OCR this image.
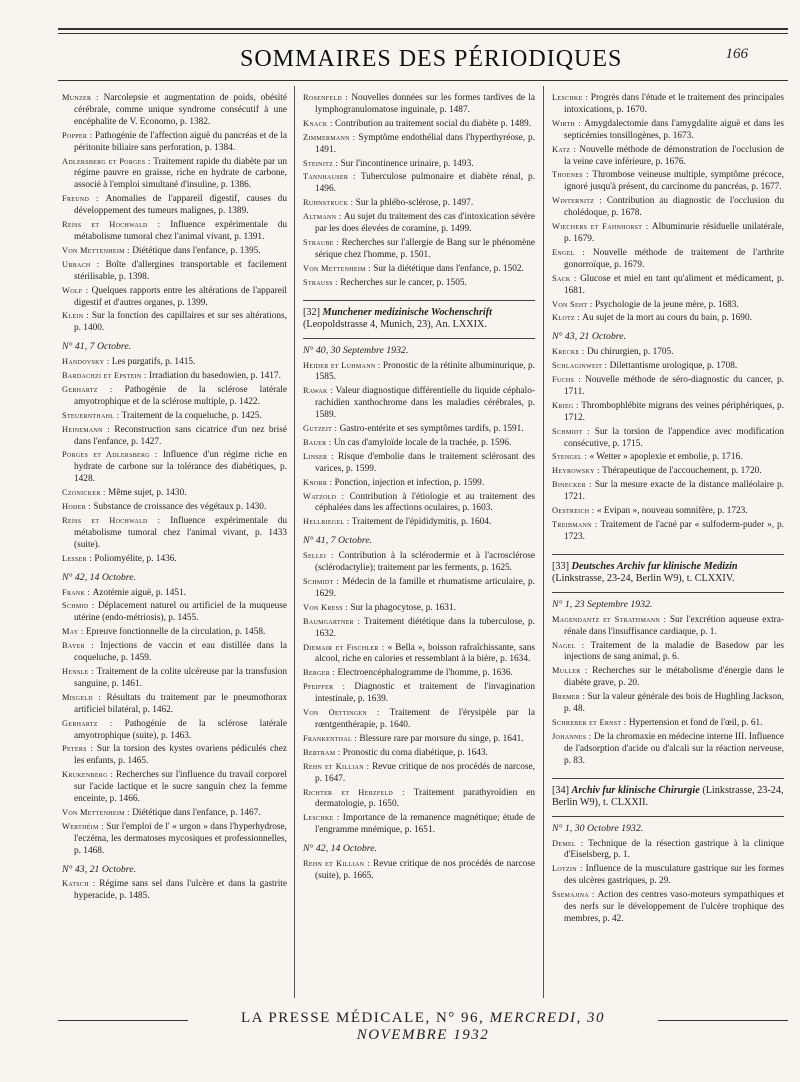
SOMMAIRES DES PÉRIODIQUES	166
Munzer : Narcolepsie et augmentation de poids, obésité cérébrale, comme unique syndrome consécutif à une encéphalite de V. Economo, p. 1382.
Popper : Pathogénie de l'affection aiguë du pancréas et de la péritonite biliaire sans perforation, p. 1384.
Adlersberg et Porges : Traitement rapide du diabète par un régime pauvre en graisse, riche en hydrate de carbone, associé à l'emploi simultané d'insuline, p. 1386.
Freund : Anomalies de l'appareil digestif, causes du développement des tumeurs malignes, p. 1389.
Reiss et Hochwald : Influence expérimentale du métabolisme tumoral chez l'animal vivant, p. 1391.
Von Mettenheim : Diététique dans l'enfance, p. 1395.
Urbach : Boîte d'allergines transportable et facilement stérilisable, p. 1398.
Wolf : Quelques rapports entre les altérations de l'appareil digestif et d'autres organes, p. 1399.
Klein : Sur la fonction des capillaires et sur ses altérations, p. 1400.
N° 41, 7 Octobre.
Handovsky : Les purgatifs, p. 1415.
Bardachzi et Epstein : Irradiation du basedowien, p. 1417.
Gerhartz : Pathogénie de la sclérose latérale amyotrophique et de la sclérose multiple, p. 1422.
Steuernthahl : Traitement de la coqueluche, p. 1425.
Heinemann : Reconstruction sans cicatrice d'un nez brisé dans l'enfance, p. 1427.
Porges et Adlersberg : Influence d'un régime riche en hydrate de carbone sur la tolérance des diabétiques, p. 1428.
Czonicker : Même sujet, p. 1430.
Hoder : Substance de croissance des végétaux p. 1430.
Reiss et Hochwald : Influence expérimentale du métabolisme tumoral chez l'animal vivant, p. 1433 (suite).
Lesser : Poliomyélite, p. 1436.
N° 42, 14 Octobre.
Frank : Azotémie aiguë, p. 1451.
Schmid : Déplacement naturel ou artificiel de la muqueuse utérine (endo-métriosis), p. 1455.
May : Epreuve fonctionnelle de la circulation, p. 1458.
Bayer : Injections de vaccin et eau distillée dans la coqueluche, p. 1459.
Hensle : Traitement de la colite ulcéreuse par la transfusion sanguine, p. 1461.
Misgeld : Résultats du traitement par le pneumothorax artificiel bilatéral, p. 1462.
Gerhartz : Pathogénie de la sclérose latérale amyotrophique (suite), p. 1463.
Peters : Sur la torsion des kystes ovariens pédiculés chez les enfants, p. 1465.
Krukenberg : Recherches sur l'influence du travail corporel sur l'acide lactique et le sucre sanguin chez la femme enceinte, p. 1466.
Von Mettenheim : Diététique dans l'enfance, p. 1467.
Werthéim : Sur l'emploi de l' « urgon » dans l'hyperhydrose, l'eczéma, les dermatoses mycosiques et professionnelles, p. 1468.
N° 43, 21 Octobre.
Katsch : Régime sans sel dans l'ulcère et dans la gastrite hyperacide, p. 1485.
Rosenfeld : Nouvelles données sur les formes tardives de la lymphogranulomatose inguinale, p. 1487.
Knack : Contribution au traitement social du diabète p. 1489.
Zimmermann : Symptôme endothélial dans l'hyperthyréose, p. 1491.
Steinitz : Sur l'incontinence urinaire, p. 1493.
Tannhauser : Tuberculose pulmonaire et diabète rénal, p. 1496.
Ruhnstruck : Sur la phlébo-sclérose, p. 1497.
Altmann : Au sujet du traitement des cas d'intoxication sévère par les does élevées de coramine, p. 1499.
Straube : Recherches sur l'allergie de Bang sur le phénomène sérique chez l'homme, p. 1501.
Von Mettenheim : Sur la diététique dans l'enfance, p. 1502.
Strauss : Recherches sur le cancer, p. 1505.
[32] Munchener medizinische Wochenschrift (Leopoldstrasse 4, Munich, 23), An. LXXIX.
N° 40, 30 Septembre 1932.
Heider et Luhmann : Pronostic de la rétinite albuminurique, p. 1585.
Rawak : Valeur diagnostique différentielle du liquide céphalo-rachidien xanthochrome dans les maladies cérébrales, p. 1589.
Gutzeit : Gastro-entérite et ses symptômes tardifs, p. 1591.
Bauer : Un cas d'amyloïde locale de la trachée, p. 1596.
Linser : Risque d'embolie dans le traitement sclérosant des varices, p. 1599.
Knorr : Ponction, injection et infection, p. 1599.
Watzold : Contribution à l'étiologie et au traitement des céphalées dans les affections oculaires, p. 1603.
Hellriegel : Traitement de l'épididymitis, p. 1604.
N° 41, 7 Octobre.
Sellei : Contribution à la sclérodermie et à l'acrosclérose (sclérodactylie); traitement par les ferments, p. 1625.
Schmidt : Médecin de la famille et rhumatisme articulaire, p. 1629.
Von Kress : Sur la phagocytose, p. 1631.
Baumgartner : Traitement diététique dans la tuberculose, p. 1632.
Diemair et Fischler : « Bella », boisson rafraîchissante, sans alcool, riche en calories et ressemblant à la bière, p. 1634.
Berger : Electroencéphalogramme de l'homme, p. 1636.
Pfeiffer : Diagnostic et traitement de l'invagination intestinale, p. 1639.
Von Oettingen : Traitement de l'érysipèle par la rœntgenthérapie, p. 1640.
Frankenthal : Blessure rare par morsure du singe, p. 1641.
Bertram : Pronostic du coma diabétique, p. 1643.
Rehn et Killian : Revue critique de nos procédés de narcose, p. 1647.
Richter et Herzfeld : Traitement parathyroïdien en dermatologie, p. 1650.
Leschke : Importance de la remanence magnétique; étude de l'engramme mnémique, p. 1651.
N° 42, 14 Octobre.
Rehn et Killian : Revue critique de nos procédés de narcose (suite), p. 1665.
Leschke : Progrès dans l'étude et le traitement des principales intoxications, p. 1670.
Wirth : Amygdalectomie dans l'amygdalite aiguë et dans les septicémies tonsillogènes, p. 1673.
Katz : Nouvelle méthode de démonstration de l'occlusion de la veine cave inférieure, p. 1676.
Thoenes : Thrombose veineuse multiple, symptôme précoce, ignoré jusqu'à présent, du carcinome du pancréas, p. 1677.
Winternitz : Contribution au diagnostic de l'occlusion du cholédoque, p. 1678.
Wiechers et Fahnhorst : Albuminurie résiduelle unilatérale, p. 1679.
Engel : Nouvelle méthode de traitement de l'arthrite gonorroïque, p. 1679.
Sack : Glucose et miel en tant qu'aliment et médicament, p. 1681.
Von Seht : Psychologie de la jeune mère, p. 1683.
Klotz : Au sujet de la mort au cours du bain, p. 1690.
N° 43, 21 Octobre.
Krecke : Du chirurgien, p. 1705.
Schlaginweit : Dilettantisme urologique, p. 1708.
Fuchs : Nouvelle méthode de séro-diagnostic du cancer, p. 1711.
Krieg : Thrombophlébite migrans des veines périphériques, p. 1712.
Schmidt : Sur la torsion de l'appendice avec modification consécutive, p. 1715.
Stengel : « Wetter » apoplexie et embolie, p. 1716.
Heyrowsky : Thérapeutique de l'accouchement, p. 1720.
Binecker : Sur la mesure exacte de la distance malléolaire p. 1721.
Oestreich : « Evipan », nouveau somnifère, p. 1723.
Treibmann : Traitement de l'acné par « sulfoderm-puder », p. 1723.
[33] Deutsches Archiv fur klinische Medizin (Linkstrasse, 23-24, Berlin W9), t. CLXXIV.
N° 1, 23 Septembre 1932.
Magendantz et Strathmann : Sur l'excrétion aqueuse extra-rénale dans l'insuffisance cardiaque, p. 1.
Nagel : Traitement de la maladie de Basedow par les injections de sang animal, p. 6.
Muller : Recherches sur le métabolisme d'énergie dans le diabète grave, p. 20.
Bremer : Sur la valeur générale des bois de Hughling Jackson, p. 48.
Schreber et Ernst : Hypertension et fond de l'œil, p. 61.
Johannes : De la chromaxie en médecine interne III. Influence de l'adsorption d'acide ou d'alcali sur la réaction nerveuse, p. 83.
[34] Archiv fur klinische Chirurgie (Linkstrasse, 23-24, Berlin W9), t. CLXXII.
N° 1, 30 Octobre 1932.
Demel : Technique de la résection gastrique à la clinique d'Eiselsberg, p. 1.
Lotzin : Influence de la musculature gastrique sur les formes des ulcères gastriques, p. 29.
Ssemajina : Action des centres vaso-moteurs sympathiques et des nerfs sur le développement de l'ulcère trophique des membres, p. 42.
LA PRESSE MÉDICALE, N° 96, MERCREDI, 30 NOVEMBRE 1932
